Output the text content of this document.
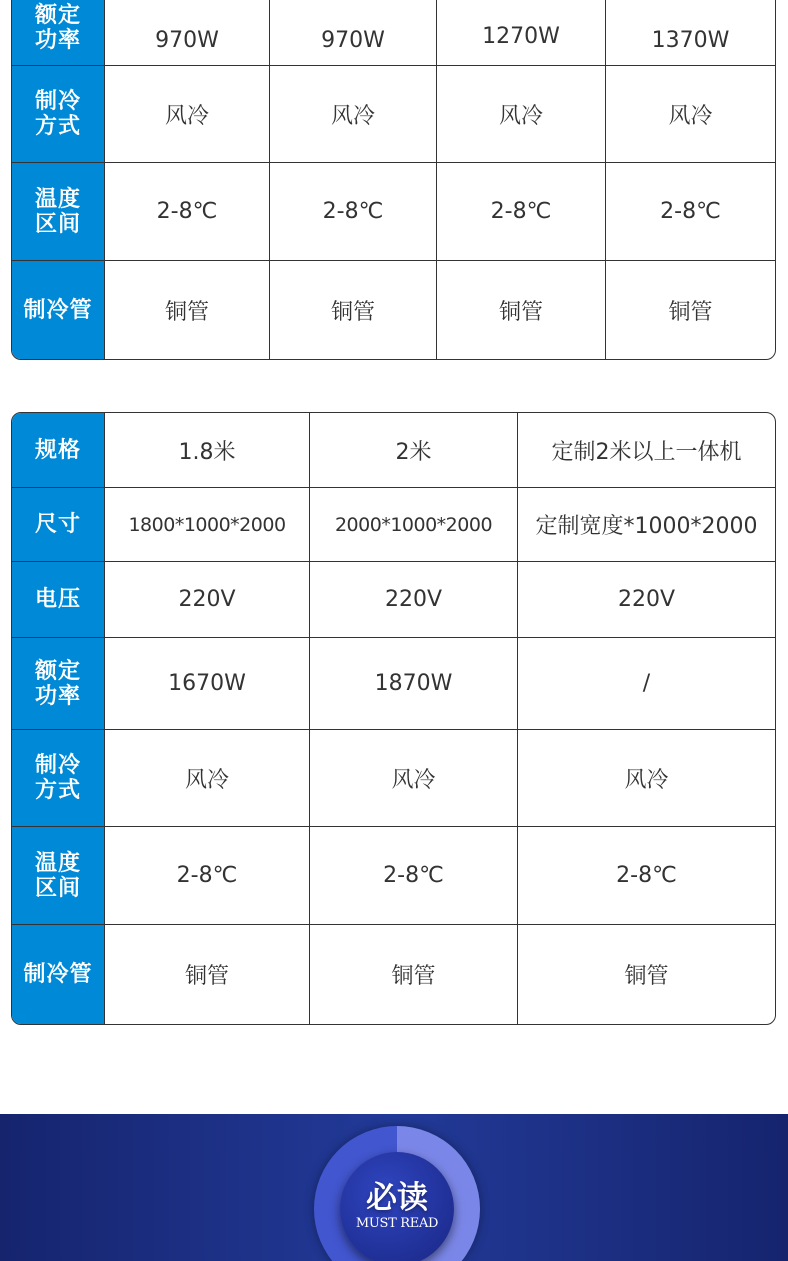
额定
功率	970W	970W	1270W	1370W
制冷
方式	风冷	风冷	风冷	风冷
温度
区间	2-8℃	2-8℃	2-8℃	2-8℃
制冷管	铜管	铜管	铜管	铜管
规格	1.8米	2米	定制2米以上一体机
尺寸	1800*1000*2000	2000*1000*2000	定制宽度*1000*2000
电压	220V	220V	220V
额定
功率	1670W	1870W	/
制冷
方式	风冷	风冷	风冷
温度
区间	2-8℃	2-8℃	2-8℃
制冷管	铜管	铜管	铜管
必读
MUST READ
